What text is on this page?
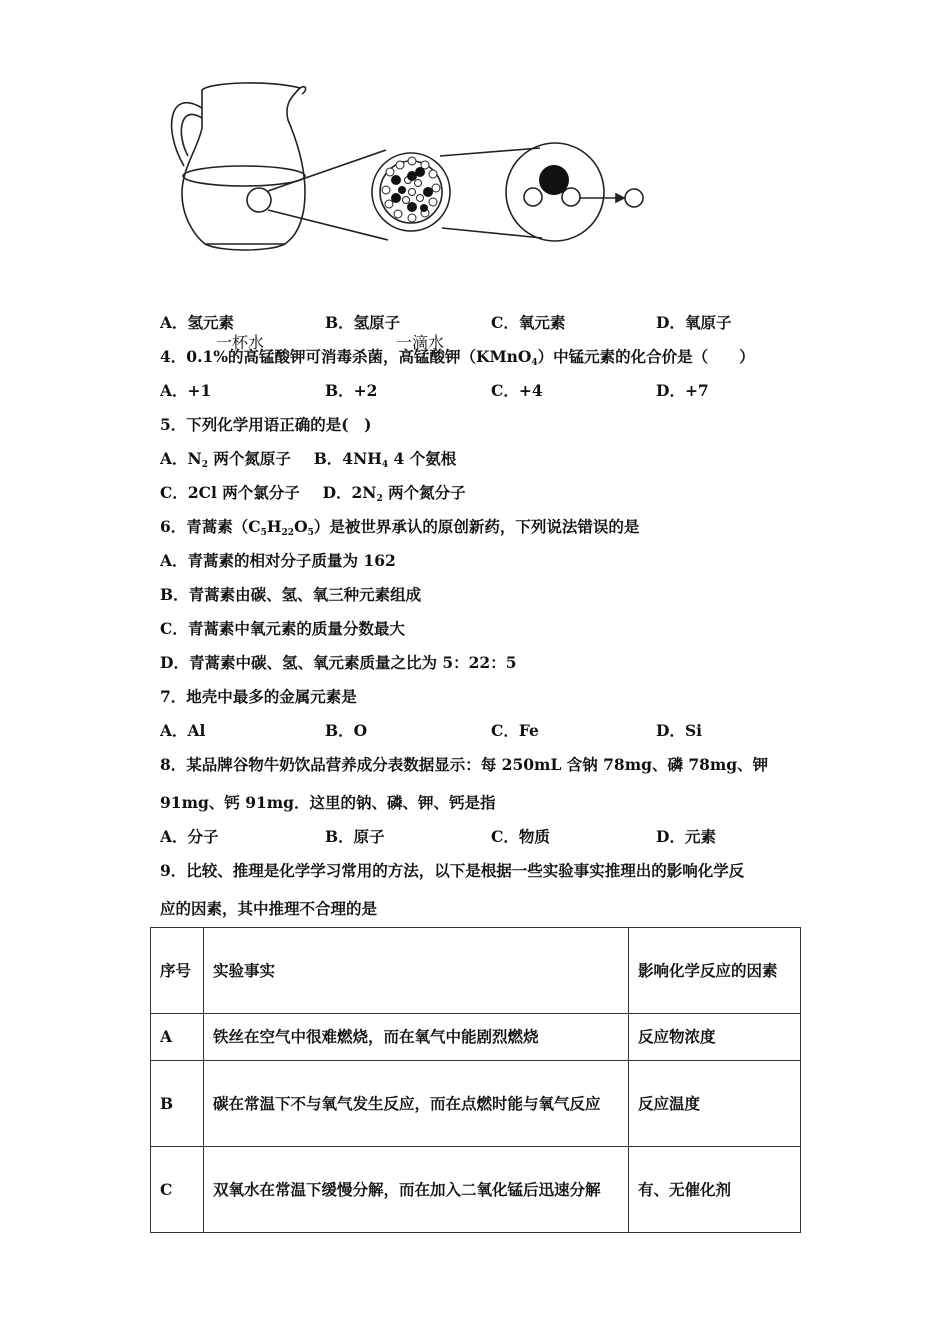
一杯水	一滴水
A．氢元素	B．氢原子	C．氧元素	D．氧原子
4．0.1%的高锰酸钾可消毒杀菌，高锰酸钾（KMnO$_4$）中锰元素的化合价是（　　）
A．+1	B．+2	C．+4	D．+7
5．下列化学用语正确的是(　)
A．$N_2$ 两个氮原子 B．$4NH_4$ 4 个氨根
C．2Cl 两个氯分子 D．$2N_2$ 两个氮分子
6．青蒿素$(C_5H_{22}O_5)$是被世界承认的原创新药，下列说法错误的是
A．青蒿素的相对分子质量为 162
B．青蒿素由碳、氢、氧三种元素组成
C．青蒿素中氧元素的质量分数最大
D．青蒿素中碳、氢、氧元素质量之比为 5：22：5
7．地壳中最多的金属元素是
A．Al	B．O	C．Fe	D．Si
8．某品牌谷物牛奶饮品营养成分表数据显示：每 250mL 含钠 78mg、磷 78mg、钾
91mg、钙 91mg．这里的钠、磷、钾、钙是指
A．分子	B．原子	C．物质	D．元素
9．比较、推理是化学学习常用的方法，以下是根据一些实验事实推理出的影响化学反
应的因素，其中推理不合理的是
序号	实验事实	影响化学反应的因素
A	铁丝在空气中很难燃烧，而在氧气中能剧烈燃烧	反应物浓度
B	碳在常温下不与氧气发生反应，而在点燃时能与氧气反应	反应温度
C	双氧水在常温下缓慢分解，而在加入二氧化锰后迅速分解	有、无催化剂
